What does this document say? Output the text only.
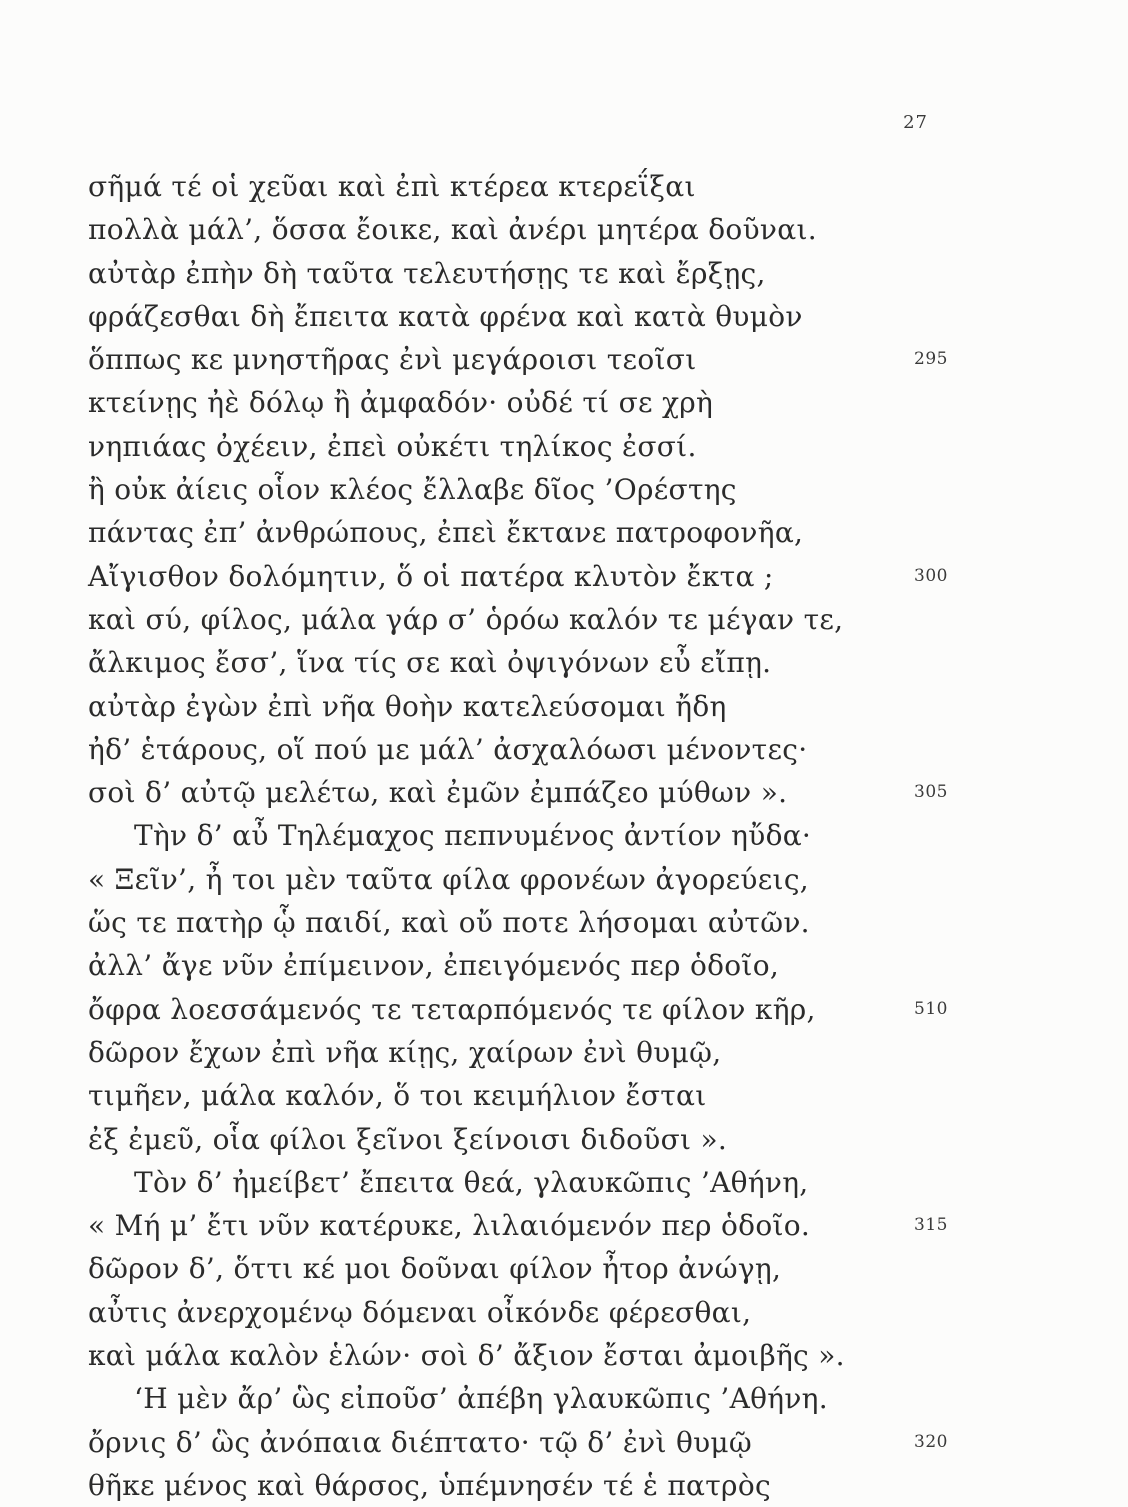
27
σῆμά τέ οἱ χεῦαι καὶ ἐπὶ κτέρεα κτερεΐξαι
πολλὰ μάλ’, ὅσσα ἔοικε, καὶ ἀνέρι μητέρα δοῦναι.
αὐτὰρ ἐπὴν δὴ ταῦτα τελευτήσῃς τε καὶ ἔρξῃς,
φράζεσθαι δὴ ἔπειτα κατὰ φρένα καὶ κατὰ θυμὸν
ὅππως κε μνηστῆρας ἐνὶ μεγάροισι τεοῖσι	295
κτείνῃς ἠὲ δόλῳ ἢ ἀμφαδόν· οὐδέ τί σε χρὴ
νηπιάας ὀχέειν, ἐπεὶ οὐκέτι τηλίκος ἐσσί.
ἢ οὐκ ἀίεις οἷον κλέος ἔλλαβε δῖος ’Ορέστης
πάντας ἐπ’ ἀνθρώπους, ἐπεὶ ἔκτανε πατροφονῆα,
Αἴγισθον δολόμητιν, ὅ οἱ πατέρα κλυτὸν ἔκτα ;	300
καὶ σύ, φίλος, μάλα γάρ σ’ ὁρόω καλόν τε μέγαν τε,
ἄλκιμος ἔσσ’, ἵνα τίς σε καὶ ὀψιγόνων εὖ εἴπῃ.
αὐτὰρ ἐγὼν ἐπὶ νῆα θοὴν κατελεύσομαι ἤδη
ἠδ’ ἑτάρους, οἵ πού με μάλ’ ἀσχαλόωσι μένοντες·
σοὶ δ’ αὐτῷ μελέτω, καὶ ἐμῶν ἐμπάζεο μύθων ».	305
Τὴν δ’ αὖ Τηλέμαχος πεπνυμένος ἀντίον ηὔδα·
« Ξεῖν’, ἦ τοι μὲν ταῦτα φίλα φρονέων ἀγορεύεις,
ὥς τε πατὴρ ᾧ παιδί, καὶ οὔ ποτε λήσομαι αὐτῶν.
ἀλλ’ ἄγε νῦν ἐπίμεινον, ἐπειγόμενός περ ὁδοῖο,
ὄφρα λοεσσάμενός τε τεταρπόμενός τε φίλον κῆρ,	510
δῶρον ἔχων ἐπὶ νῆα κίῃς, χαίρων ἐνὶ θυμῷ,
τιμῆεν, μάλα καλόν, ὅ τοι κειμήλιον ἔσται
ἐξ ἐμεῦ, οἷα φίλοι ξεῖνοι ξείνοισι διδοῦσι ».
Τὸν δ’ ἠμείβετ’ ἔπειτα θεά, γλαυκῶπις ’Αθήνη,
« Μή μ’ ἔτι νῦν κατέρυκε, λιλαιόμενόν περ ὁδοῖο.	315
δῶρον δ’, ὅττι κέ μοι δοῦναι φίλον ἦτορ ἀνώγῃ,
αὖτις ἀνερχομένῳ δόμεναι οἶκόνδε φέρεσθαι,
καὶ μάλα καλὸν ἑλών· σοὶ δ’ ἄξιον ἔσται ἀμοιβῆς ».
‘Η μὲν ἄρ’ ὣς εἰποῦσ’ ἀπέβη γλαυκῶπις ’Αθήνη.
ὄρνις δ’ ὣς ἀνόπαια διέπτατο· τῷ δ’ ἐνὶ θυμῷ	320
θῆκε μένος καὶ θάρσος, ὑπέμνησέν τέ ἑ πατρὸς
